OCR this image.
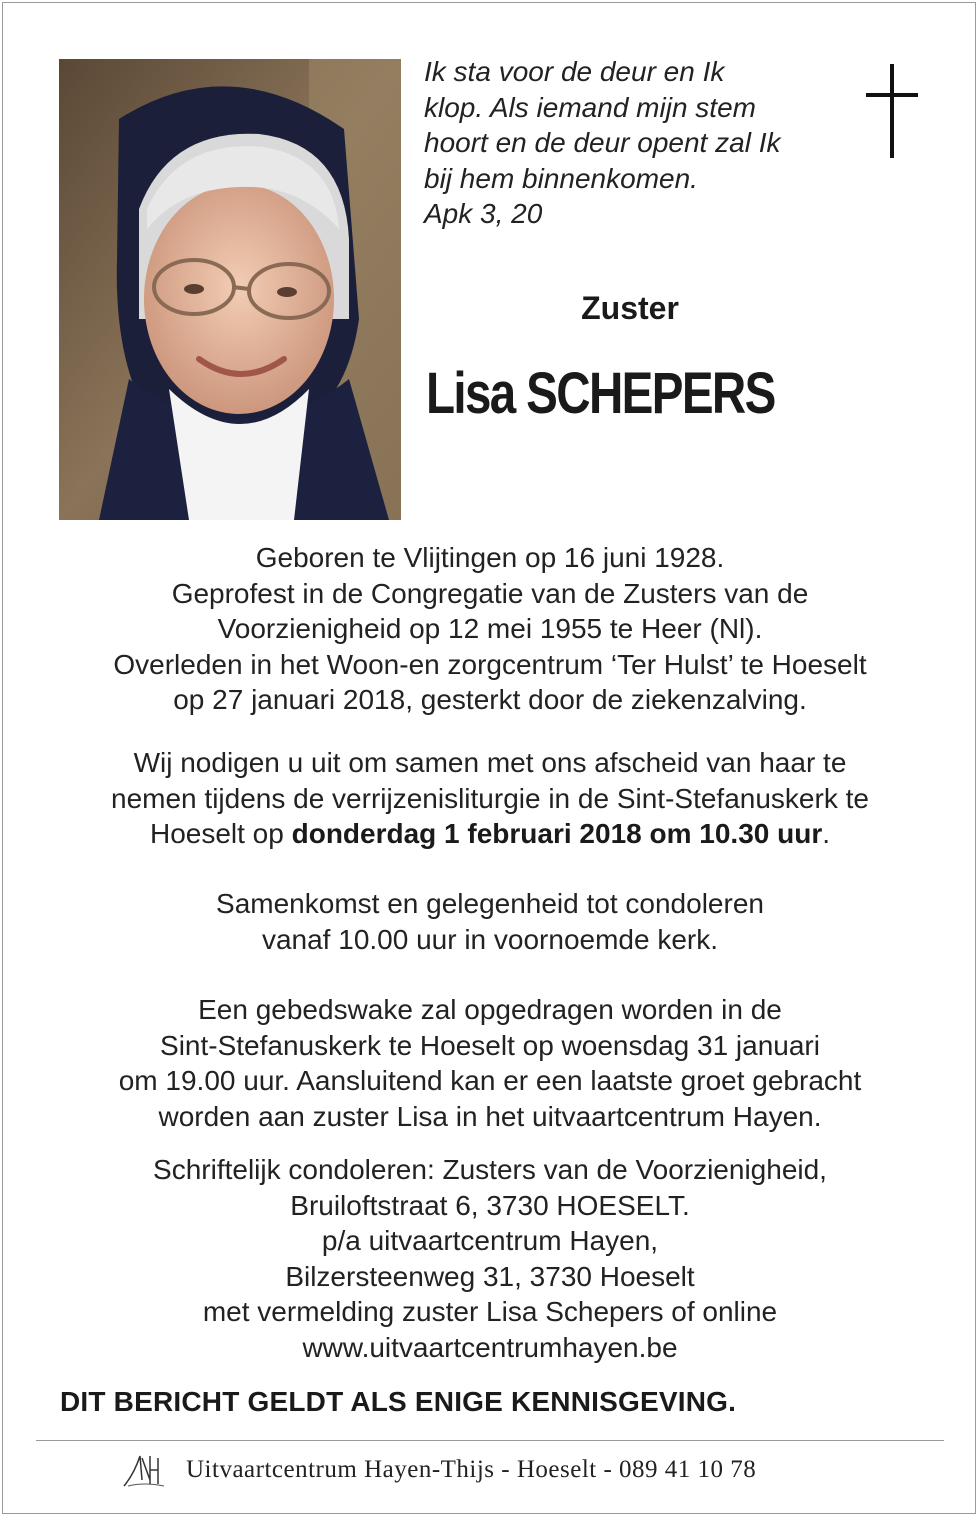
Ik sta voor de deur en Ik
klop. Als iemand mijn stem
hoort en de deur opent zal Ik
bij hem binnenkomen.
Apk 3, 20
Zuster
Lisa SCHEPERS
Geboren te Vlijtingen op 16 juni 1928.
Geprofest in de Congregatie van de Zusters van de
Voorzienigheid op 12 mei 1955 te Heer (Nl).
Overleden in het Woon-en zorgcentrum ‘Ter Hulst’ te Hoeselt
op 27 januari 2018, gesterkt door de ziekenzalving.
Wij nodigen u uit om samen met ons afscheid van haar te
nemen tijdens de verrijzenisliturgie in de Sint-Stefanuskerk te
Hoeselt op donderdag 1 februari 2018 om 10.30 uur.
Samenkomst en gelegenheid tot condoleren
vanaf 10.00 uur in voornoemde kerk.
Een gebedswake zal opgedragen worden in de
Sint-Stefanuskerk te Hoeselt op woensdag 31 januari
om 19.00 uur. Aansluitend kan er een laatste groet gebracht
worden aan zuster Lisa in het uitvaartcentrum Hayen.
Schriftelijk condoleren: Zusters van de Voorzienigheid,
Bruiloftstraat 6, 3730 HOESELT.
p/a uitvaartcentrum Hayen,
Bilzersteenweg 31, 3730 Hoeselt
met vermelding zuster Lisa Schepers of online
www.uitvaartcentrumhayen.be
DIT BERICHT GELDT ALS ENIGE KENNISGEVING.
Uitvaartcentrum Hayen-Thijs - Hoeselt - 089 41 10 78
